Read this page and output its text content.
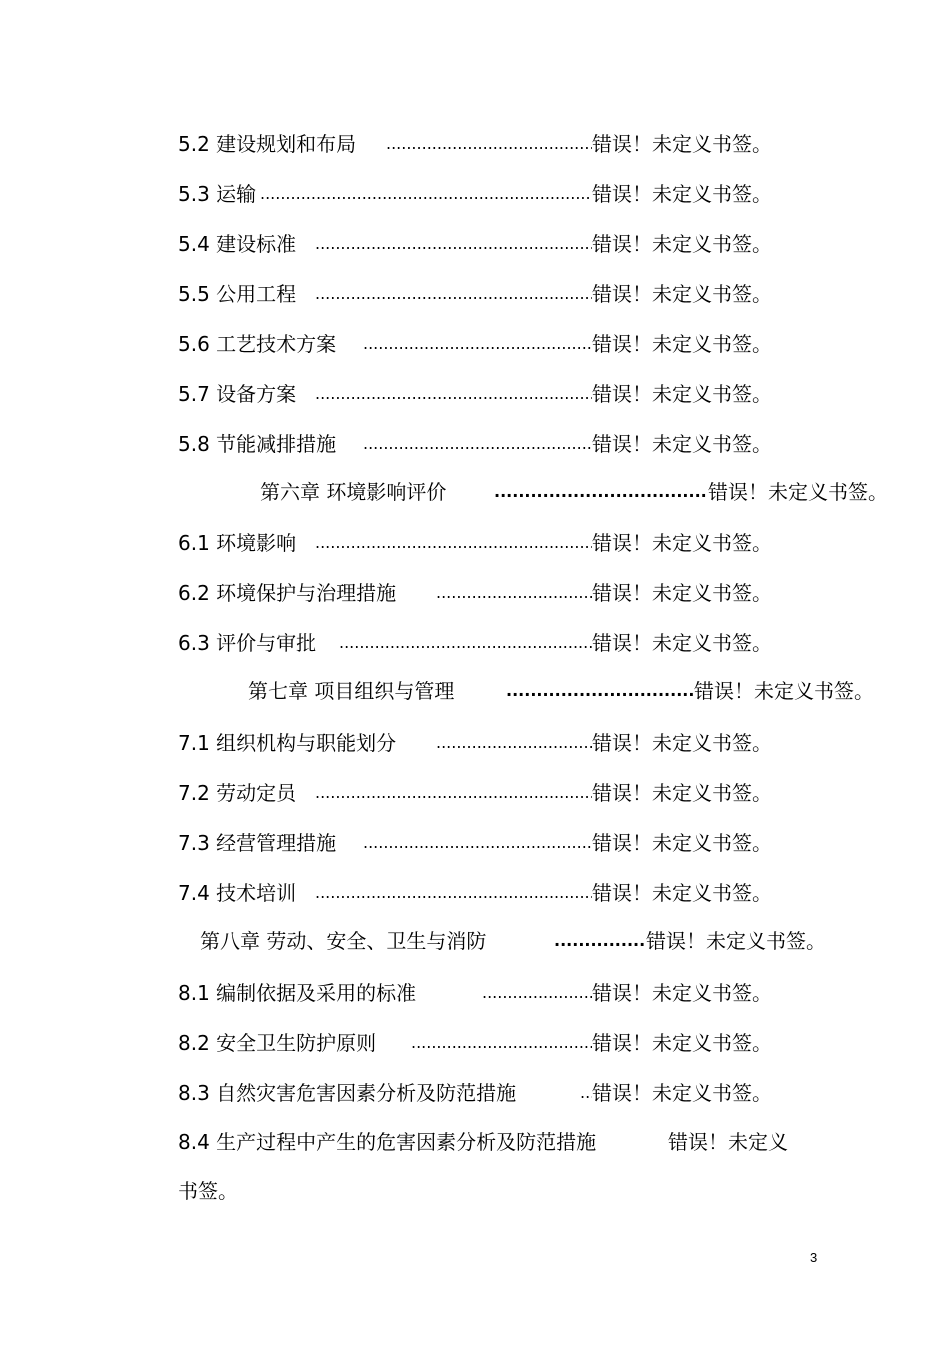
5.2 建设规划和布局 .....	错误！未定义书签。
5.3 运输 .....	错误！未定义书签。
5.4 建设标准 .....	错误！未定义书签。
5.5 公用工程 .....	错误！未定义书签。
5.6 工艺技术方案 .....	错误！未定义书签。
5.7 设备方案 .....	错误！未定义书签。
5.8 节能减排措施 .....	错误！未定义书签。
第六章 环境影响评价 .....	错误！未定义书签。
6.1 环境影响 .....	错误！未定义书签。
6.2 环境保护与治理措施 .....	错误！未定义书签。
6.3 评价与审批 .....	错误！未定义书签。
第七章 项目组织与管理 .....	错误！未定义书签。
7.1 组织机构与职能划分 .....	错误！未定义书签。
7.2 劳动定员 .....	错误！未定义书签。
7.3 经营管理措施 .....	错误！未定义书签。
7.4 技术培训 .....	错误！未定义书签。
第八章 劳动、安全、卫生与消防 .....	错误！未定义书签。
8.1 编制依据及采用的标准 .....	错误！未定义书签。
8.2 安全卫生防护原则 .....	错误！未定义书签。
8.3 自然灾害危害因素分析及防范措施 .....	错误！未定义书签。
8.4 生产过程中产生的危害因素分析及防范措施	错误！未定义
书签。
3
